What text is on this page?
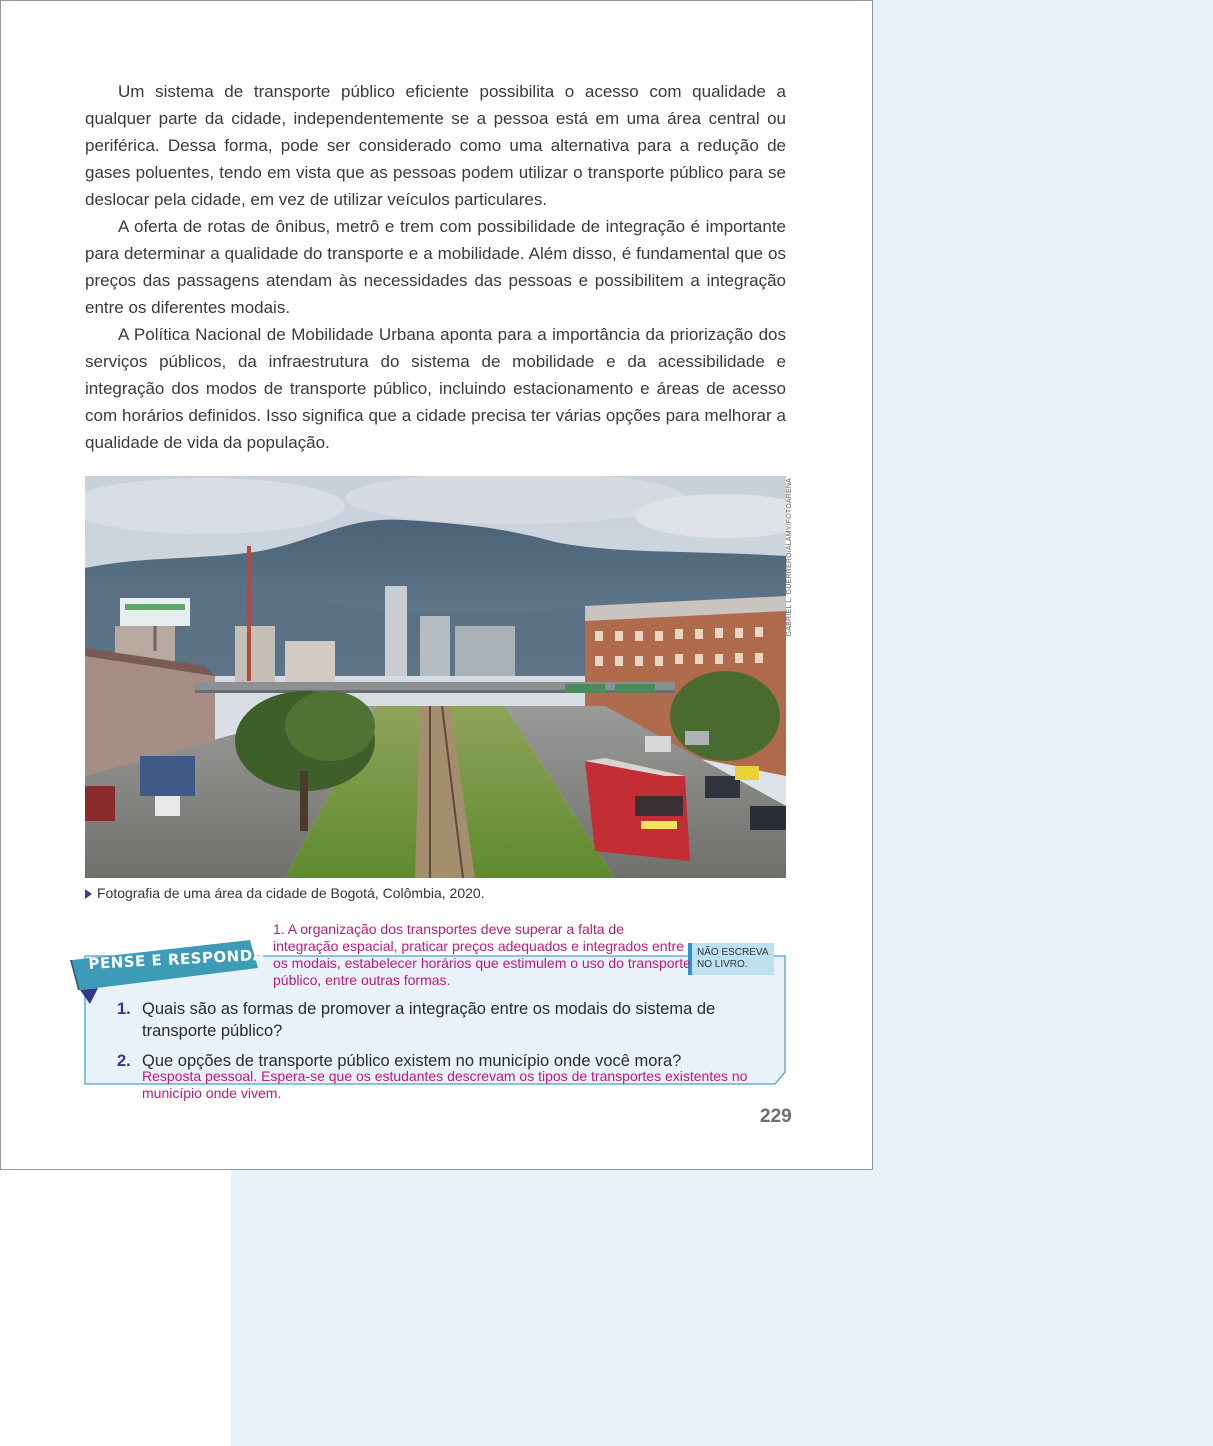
Um sistema de transporte público eficiente possibilita o acesso com qualidade a qualquer parte da cidade, independentemente se a pessoa está em uma área central ou periférica. Dessa forma, pode ser considerado como uma alternativa para a redução de gases poluentes, tendo em vista que as pessoas podem utilizar o transporte público para se deslocar pela cidade, em vez de utilizar veículos particulares.

A oferta de rotas de ônibus, metrô e trem com possibilidade de integração é importante para determinar a qualidade do transporte e a mobilidade. Além disso, é fundamental que os preços das passagens atendam às necessidades das pessoas e possibilitem a integração entre os diferentes modais.

A Política Nacional de Mobilidade Urbana aponta para a importância da priorização dos serviços públicos, da infraestrutura do sistema de mobilidade e da acessibilidade e integração dos modos de transporte público, incluindo estacionamento e áreas de acesso com horários definidos. Isso significa que a cidade precisa ter várias opções para melhorar a qualidade de vida da população.

GABRIEL L. GUERRERO/ALAMY/FOTOARENA
Fotografia de uma área da cidade de Bogotá, Colômbia, 2020.
PENSE E RESPONDA	NÃO ESCREVA
NO LIVRO.
1. Quais são as formas de promover a integração entre os modais do sistema de transporte público?
2. Que opções de transporte público existem no município onde você mora?
1. A organização dos transportes deve superar a falta de integração espacial, praticar preços adequados e integrados entre os modais, estabelecer horários que estimulem o uso do transporte público, entre outras formas.
Resposta pessoal. Espera-se que os estudantes descrevam os tipos de transportes existentes no município onde vivem.
229
